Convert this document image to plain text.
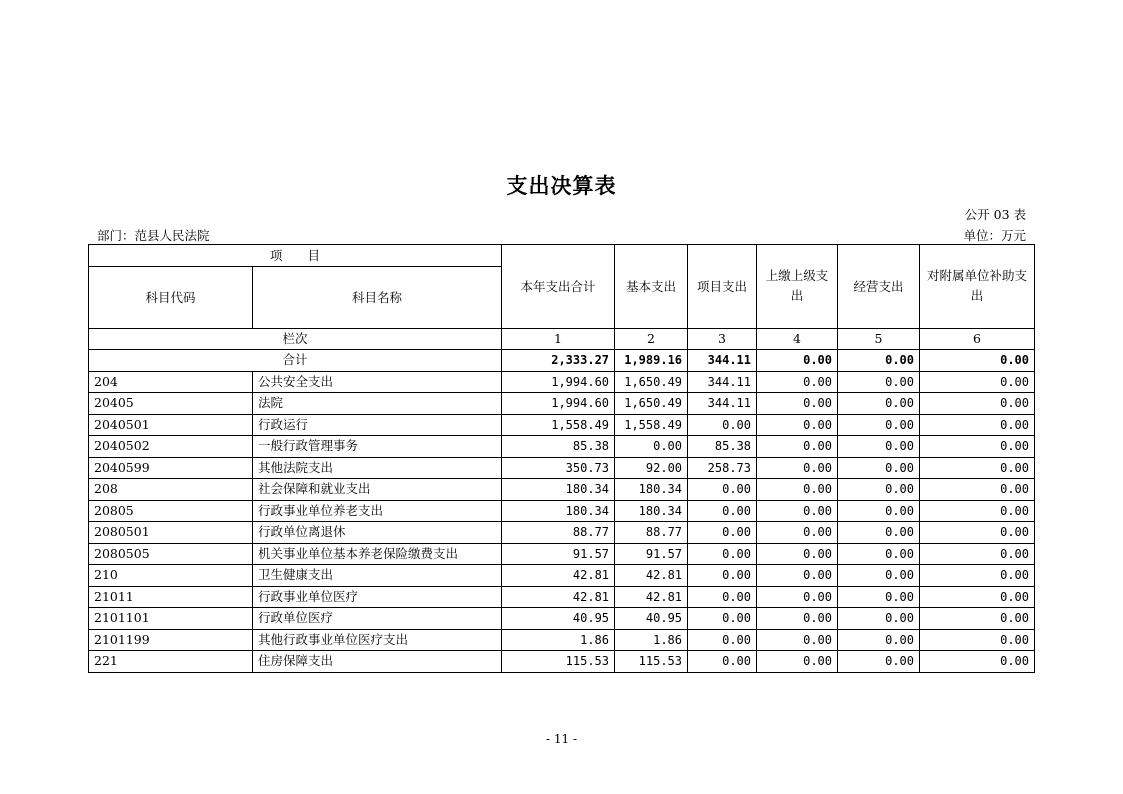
支出决算表
公开 03 表
部门：范县人民法院	单位：万元
项　　目		本年支出合计	基本支出	项目支出	上缴上级支出	经营支出	对附属单位补助支出
科目代码	科目名称						
栏次		1	2	3	4	5	6
合计		2,333.27	1,989.16	344.11	0.00	0.00	0.00
204	公共安全支出	1,994.60	1,650.49	344.11	0.00	0.00	0.00
20405	法院	1,994.60	1,650.49	344.11	0.00	0.00	0.00
2040501	行政运行	1,558.49	1,558.49	0.00	0.00	0.00	0.00
2040502	一般行政管理事务	85.38	0.00	85.38	0.00	0.00	0.00
2040599	其他法院支出	350.73	92.00	258.73	0.00	0.00	0.00
208	社会保障和就业支出	180.34	180.34	0.00	0.00	0.00	0.00
20805	行政事业单位养老支出	180.34	180.34	0.00	0.00	0.00	0.00
2080501	行政单位离退休	88.77	88.77	0.00	0.00	0.00	0.00
2080505	机关事业单位基本养老保险缴费支出	91.57	91.57	0.00	0.00	0.00	0.00
210	卫生健康支出	42.81	42.81	0.00	0.00	0.00	0.00
21011	行政事业单位医疗	42.81	42.81	0.00	0.00	0.00	0.00
2101101	行政单位医疗	40.95	40.95	0.00	0.00	0.00	0.00
2101199	其他行政事业单位医疗支出	1.86	1.86	0.00	0.00	0.00	0.00
221	住房保障支出	115.53	115.53	0.00	0.00	0.00	0.00
- 11 -
